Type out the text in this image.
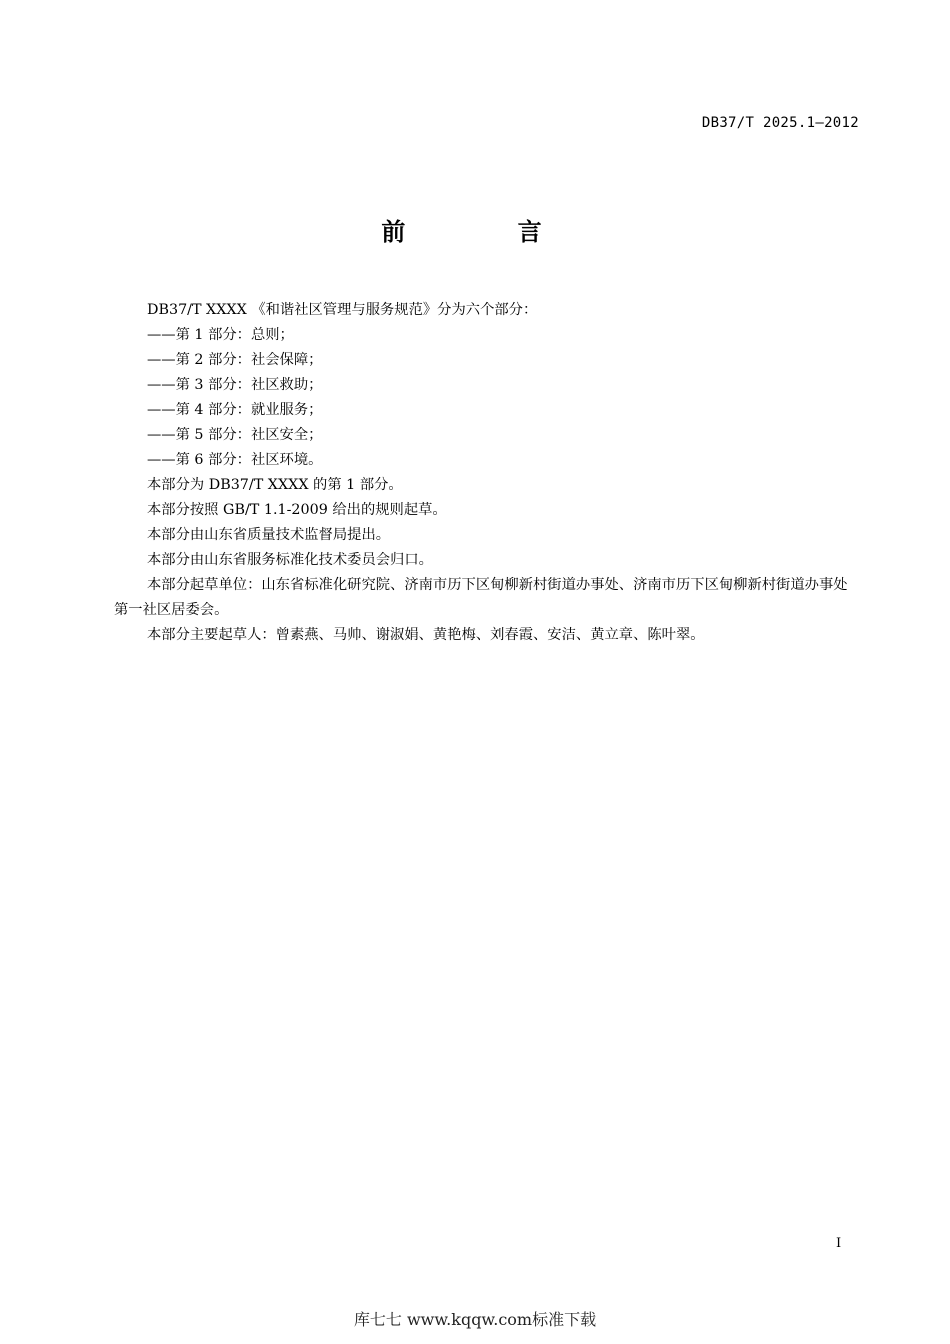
DB37/T 2025.1—2012
前 言

DB37/T XXXX 《和谐社区管理与服务规范》分为六个部分：

——第 1 部分：总则；

——第 2 部分：社会保障；

——第 3 部分：社区救助；

——第 4 部分：就业服务；

——第 5 部分：社区安全；

——第 6 部分：社区环境。

本部分为 DB37/T XXXX 的第 1 部分。

本部分按照 GB/T 1.1-2009 给出的规则起草。

本部分由山东省质量技术监督局提出。

本部分由山东省服务标准化技术委员会归口。

本部分起草单位：山东省标准化研究院、济南市历下区甸柳新村街道办事处、济南市历下区甸柳新村街道办事处第一社区居委会。

本部分主要起草人：曾素燕、马帅、谢淑娟、黄艳梅、刘春霞、安洁、黄立章、陈叶翠。

I
库七七 www.kqqw.com标准下载
